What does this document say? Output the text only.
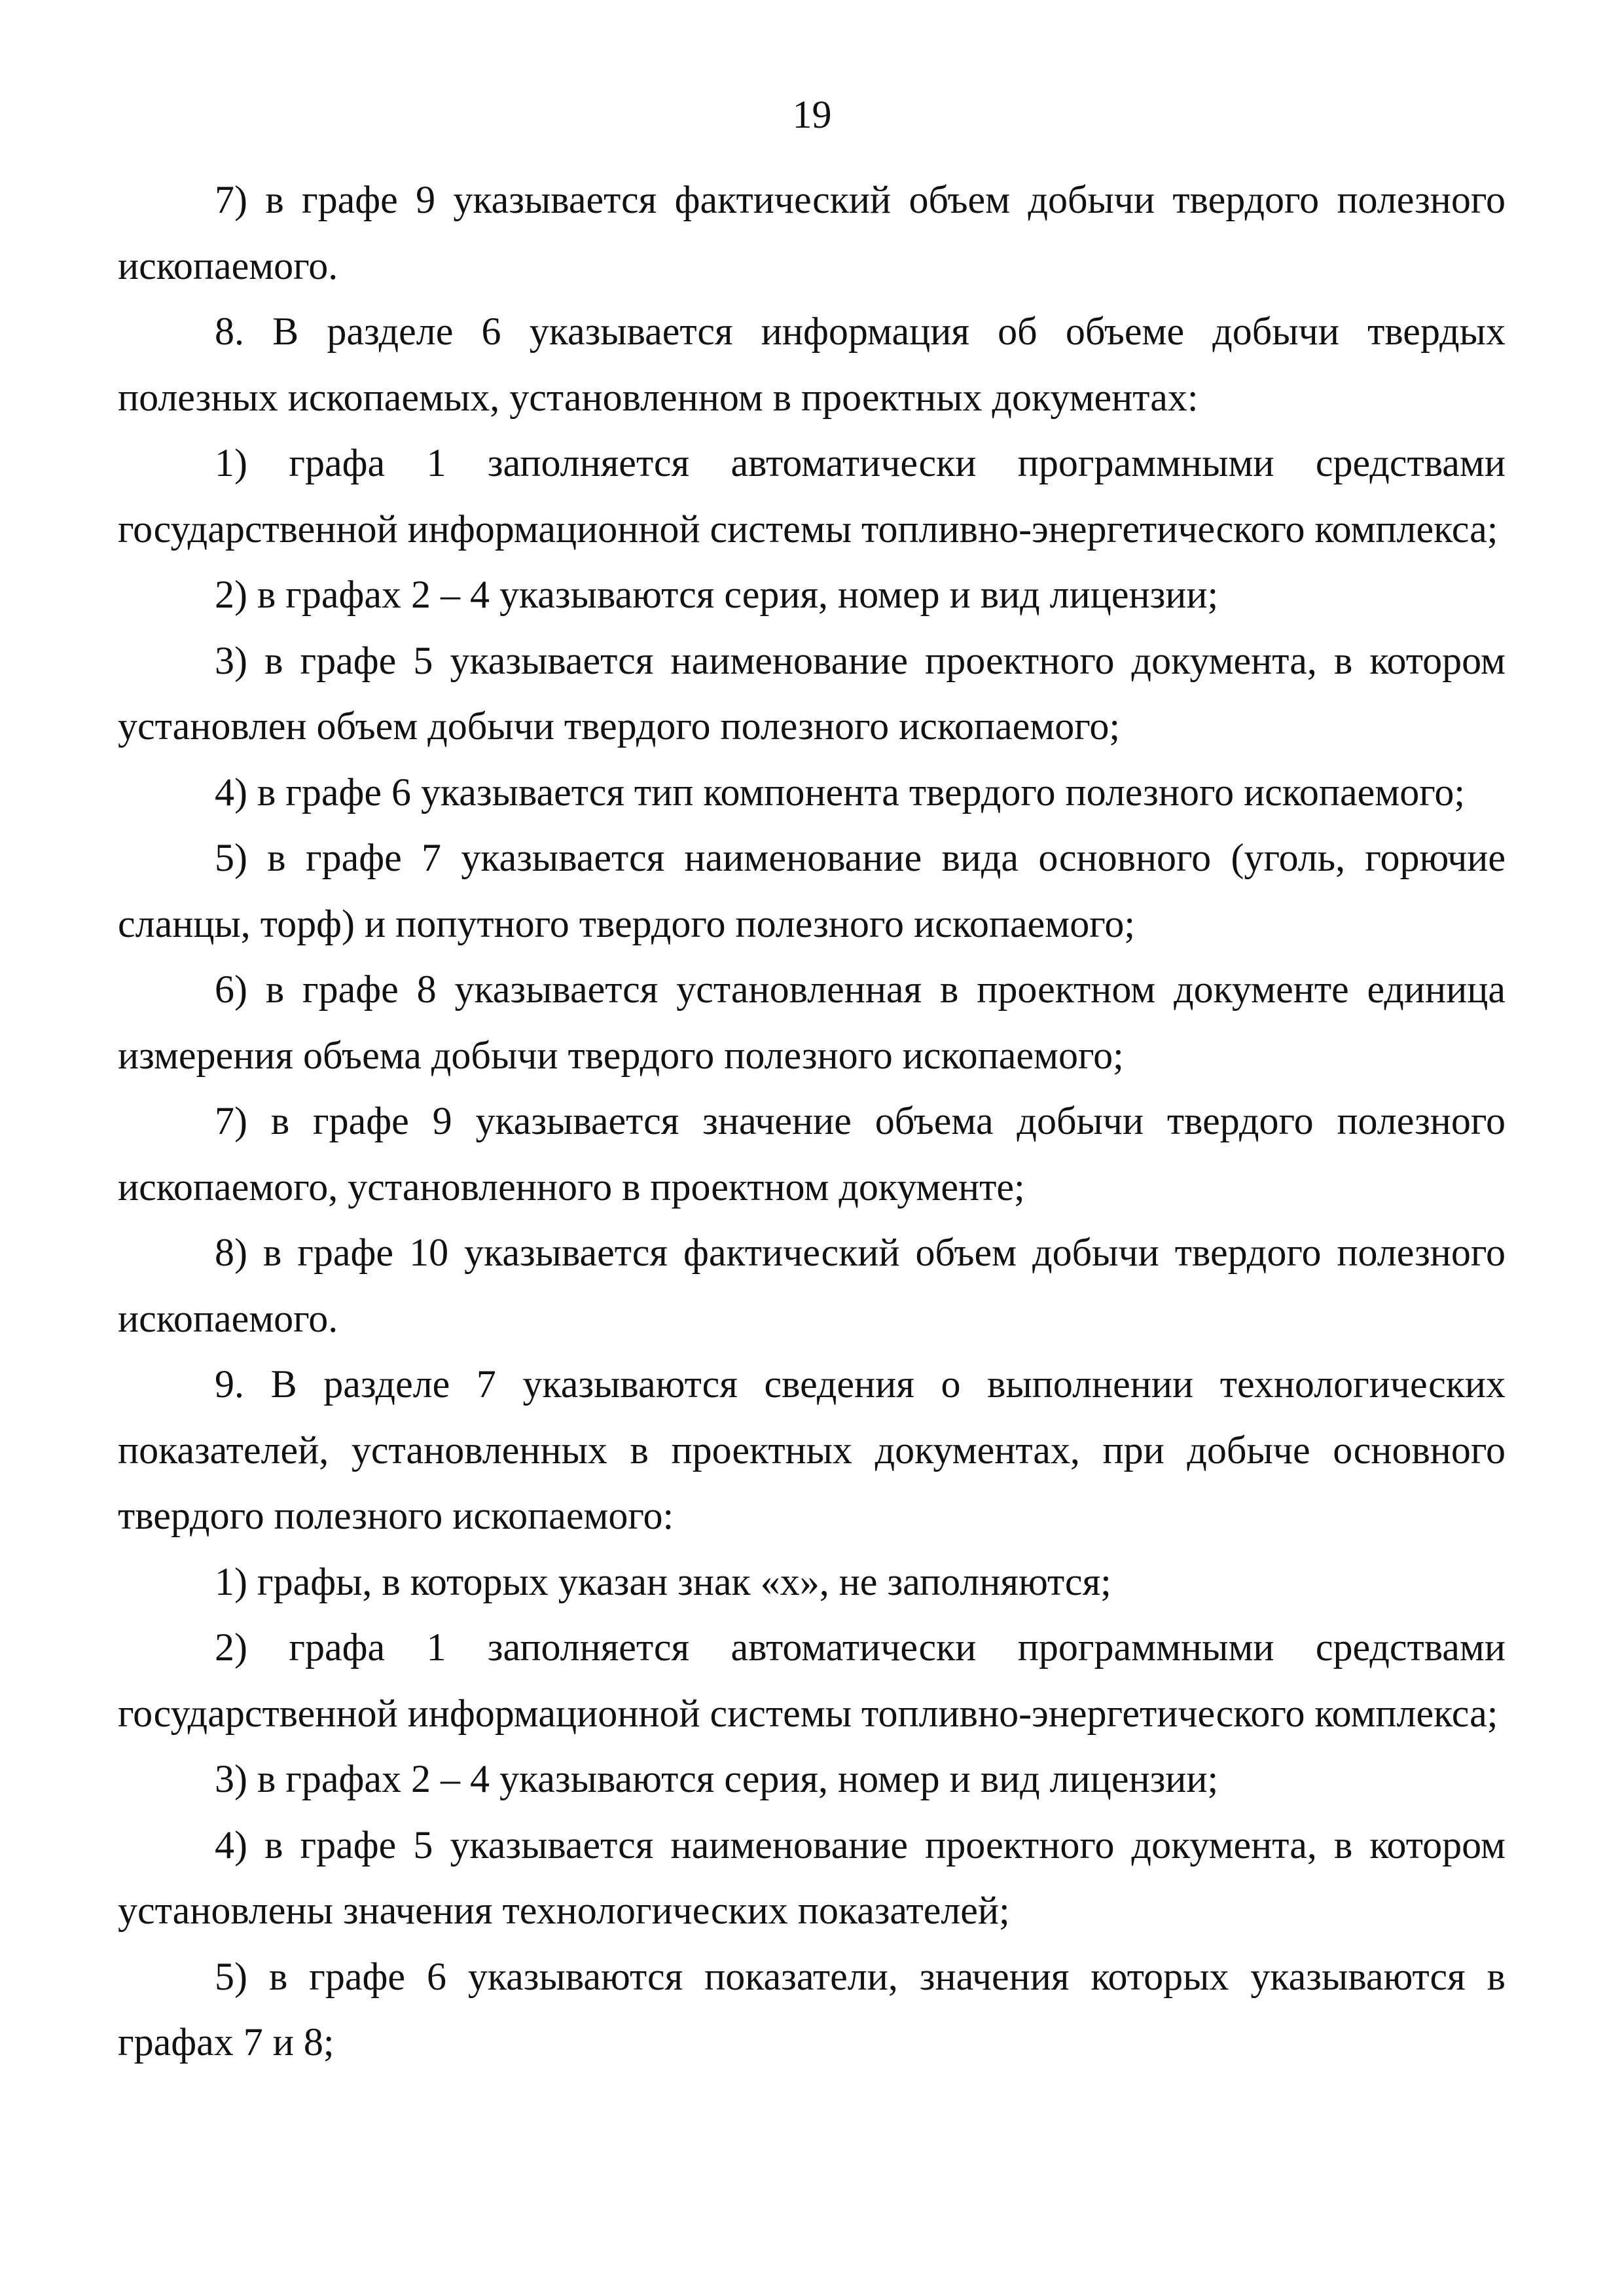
19

7) в графе 9 указывается фактический объем добычи твердого полезного ископаемого.

8. В разделе 6 указывается информация об объеме добычи твердых полезных ископаемых, установленном в проектных документах:

1) графа 1 заполняется автоматически программными средствами государственной информационной системы топливно-энергетического комплекса;

2) в графах 2 – 4 указываются серия, номер и вид лицензии;

3) в графе 5 указывается наименование проектного документа, в котором установлен объем добычи твердого полезного ископаемого;

4) в графе 6 указывается тип компонента твердого полезного ископаемого;

5) в графе 7 указывается наименование вида основного (уголь, горючие сланцы, торф) и попутного твердого полезного ископаемого;

6) в графе 8 указывается установленная в проектном документе единица измерения объема добычи твердого полезного ископаемого;

7) в графе 9 указывается значение объема добычи твердого полезного ископаемого, установленного в проектном документе;

8) в графе 10 указывается фактический объем добычи твердого полезного ископаемого.

9. В разделе 7 указываются сведения о выполнении технологических показателей, установленных в проектных документах, при добыче основного твердого полезного ископаемого:

1) графы, в которых указан знак «х», не заполняются;

2) графа 1 заполняется автоматически программными средствами государственной информационной системы топливно-энергетического комплекса;

3) в графах 2 – 4 указываются серия, номер и вид лицензии;

4) в графе 5 указывается наименование проектного документа, в котором установлены значения технологических показателей;

5) в графе 6 указываются показатели, значения которых указываются в графах 7 и 8;
